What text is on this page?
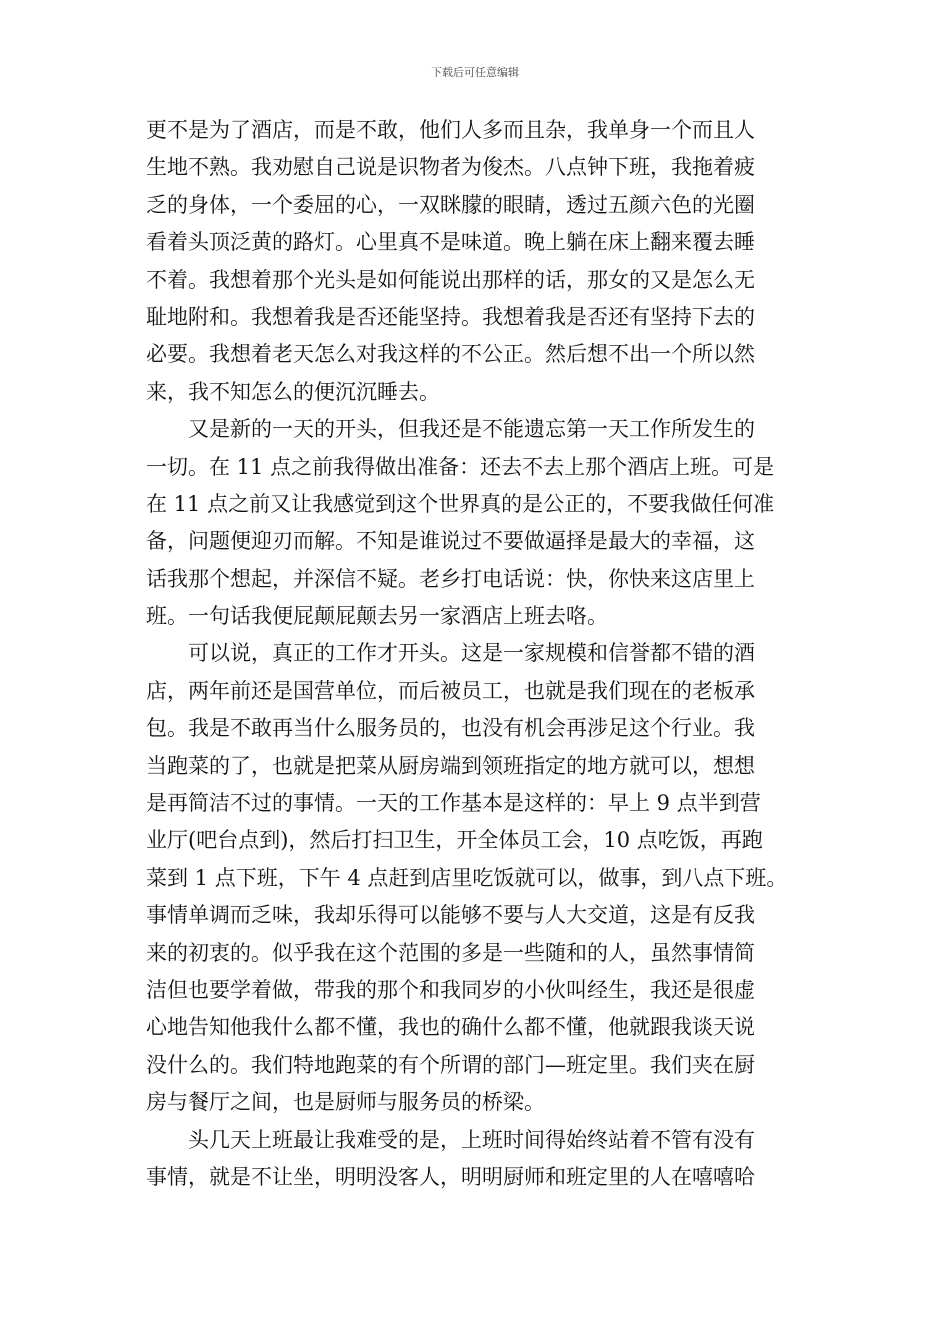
下载后可任意编辑
更不是为了酒店，而是不敢，他们人多而且杂，我单身一个而且人
生地不熟。我劝慰自己说是识物者为俊杰。八点钟下班，我拖着疲
乏的身体，一个委屈的心，一双眯朦的眼睛，透过五颜六色的光圈
看着头顶泛黄的路灯。心里真不是味道。晚上躺在床上翻来覆去睡
不着。我想着那个光头是如何能说出那样的话，那女的又是怎么无
耻地附和。我想着我是否还能坚持。我想着我是否还有坚持下去的
必要。我想着老天怎么对我这样的不公正。然后想不出一个所以然
来，我不知怎么的便沉沉睡去。
　　又是新的一天的开头，但我还是不能遗忘第一天工作所发生的
一切。在 11 点之前我得做出准备：还去不去上那个酒店上班。可是
在 11 点之前又让我感觉到这个世界真的是公正的，不要我做任何准
备，问题便迎刃而解。不知是谁说过不要做逼择是最大的幸福，这
话我那个想起，并深信不疑。老乡打电话说：快，你快来这店里上
班。一句话我便屁颠屁颠去另一家酒店上班去咯。
　　可以说，真正的工作才开头。这是一家规模和信誉都不错的酒
店，两年前还是国营单位，而后被员工，也就是我们现在的老板承
包。我是不敢再当什么服务员的，也没有机会再涉足这个行业。我
当跑菜的了，也就是把菜从厨房端到领班指定的地方就可以，想想
是再简洁不过的事情。一天的工作基本是这样的：早上 9 点半到营
业厅(吧台点到)，然后打扫卫生，开全体员工会，10 点吃饭，再跑
菜到 1 点下班，下午 4 点赶到店里吃饭就可以，做事，到八点下班。
事情单调而乏味，我却乐得可以能够不要与人大交道，这是有反我
来的初衷的。似乎我在这个范围的多是一些随和的人，虽然事情简
洁但也要学着做，带我的那个和我同岁的小伙叫经生，我还是很虚
心地告知他我什么都不懂，我也的确什么都不懂，他就跟我谈天说
没什么的。我们特地跑菜的有个所谓的部门—班定里。我们夹在厨
房与餐厅之间，也是厨师与服务员的桥梁。
　　头几天上班最让我难受的是，上班时间得始终站着不管有没有
事情，就是不让坐，明明没客人，明明厨师和班定里的人在嘻嘻哈
